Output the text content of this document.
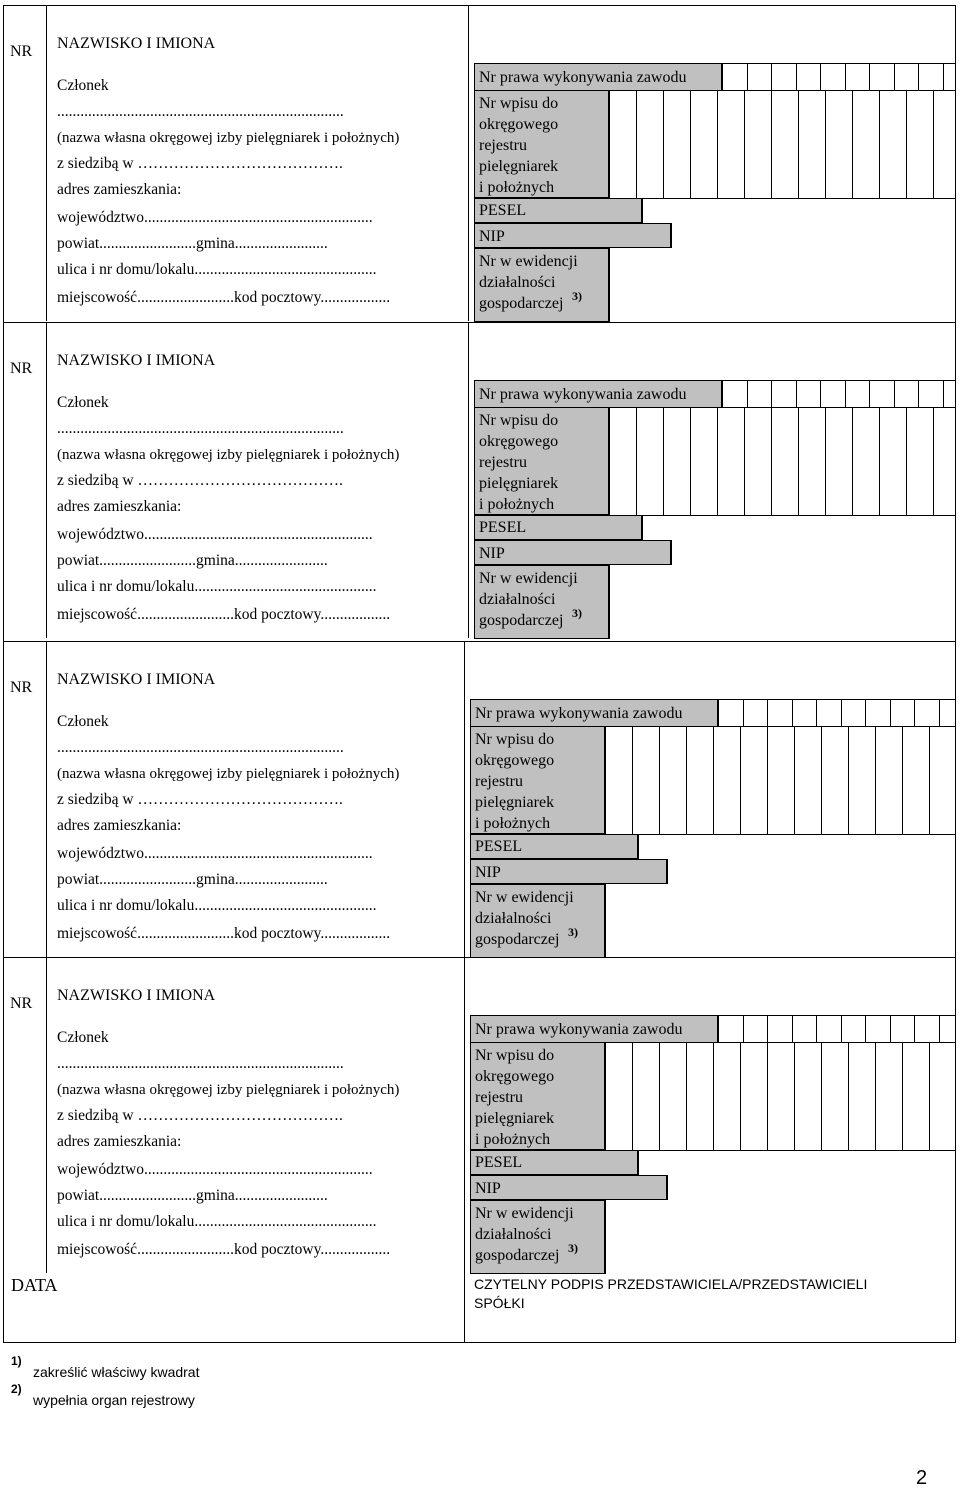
NR NAZWISKO I IMIONA
Członek
..........................................................................
(nazwa własna okręgowej izby pielęgniarek i położnych)
z siedzibą w ………………………………….
adres zamieszkania:
województwo...........................................................
powiat.........................gmina........................
ulica i nr domu/lokalu...............................................
miejscowość.........................kod pocztowy..................
Nr prawa wykonywania zawodu
Nr wpisu do
okręgowego
rejestru
pielęgniarek
i położnych
PESEL
NIP
Nr w ewidencji
działalności
gospodarczej 3)
NR NAZWISKO I IMIONA
Członek
..........................................................................
(nazwa własna okręgowej izby pielęgniarek i położnych)
z siedzibą w ………………………………….
adres zamieszkania:
województwo...........................................................
powiat.........................gmina........................
ulica i nr domu/lokalu...............................................
miejscowość.........................kod pocztowy..................
Nr prawa wykonywania zawodu
Nr wpisu do
okręgowego
rejestru
pielęgniarek
i położnych
PESEL
NIP
Nr w ewidencji
działalności
gospodarczej 3)
NR NAZWISKO I IMIONA
Członek
..........................................................................
(nazwa własna okręgowej izby pielęgniarek i położnych)
z siedzibą w ………………………………….
adres zamieszkania:
województwo...........................................................
powiat.........................gmina........................
ulica i nr domu/lokalu...............................................
miejscowość.........................kod pocztowy..................
Nr prawa wykonywania zawodu
Nr wpisu do
okręgowego
rejestru
pielęgniarek
i położnych
PESEL
NIP
Nr w ewidencji
działalności
gospodarczej 3)
NR NAZWISKO I IMIONA
Członek
..........................................................................
(nazwa własna okręgowej izby pielęgniarek i położnych)
z siedzibą w ………………………………….
adres zamieszkania:
województwo...........................................................
powiat.........................gmina........................
ulica i nr domu/lokalu...............................................
miejscowość.........................kod pocztowy..................
Nr prawa wykonywania zawodu
Nr wpisu do
okręgowego
rejestru
pielęgniarek
i położnych
PESEL
NIP
Nr w ewidencji
działalności
gospodarczej 3)
DATA	CZYTELNY PODPIS PRZEDSTAWICIELA/PRZEDSTAWICIELI
SPÓŁKI
1)
zakreślić właściwy kwadrat
2)
wypełnia organ rejestrowy
2
